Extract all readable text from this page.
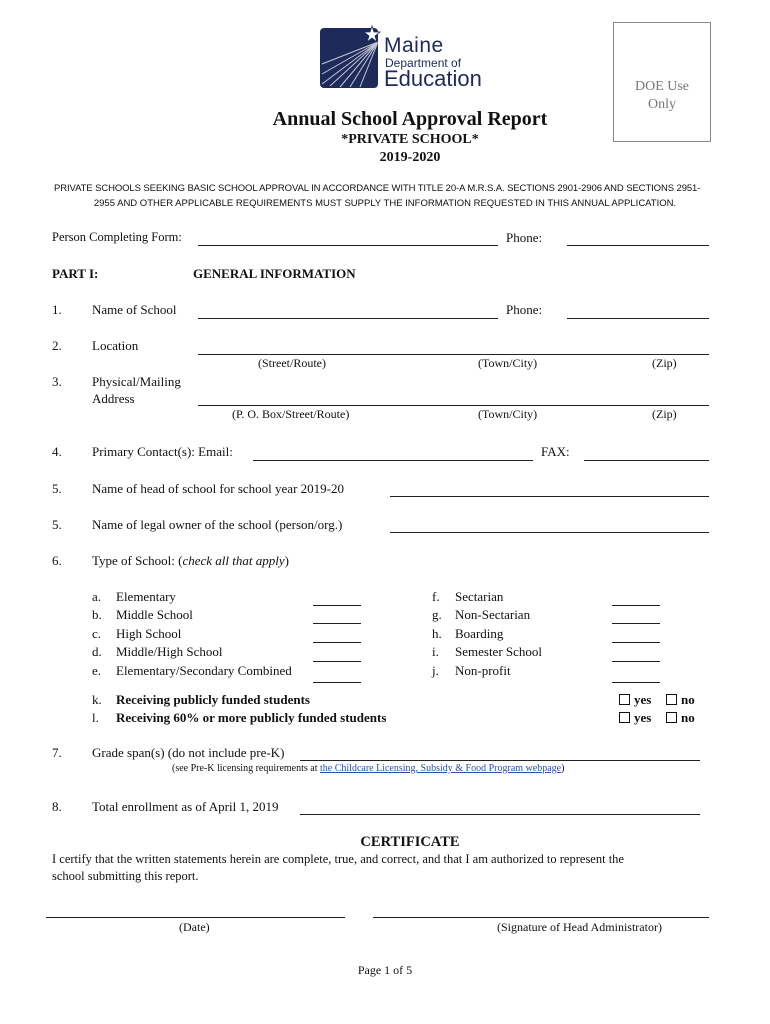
Maine
Department of
Education	DOE Use
Only
Annual School Approval Report
*PRIVATE SCHOOL*
2019-2020
PRIVATE SCHOOLS SEEKING BASIC SCHOOL APPROVAL IN ACCORDANCE WITH TITLE 20-A M.R.S.A. SECTIONS 2901-2906 AND SECTIONS 2951-
2955 AND OTHER APPLICABLE REQUIREMENTS MUST SUPPLY THE INFORMATION REQUESTED IN THIS ANNUAL APPLICATION.
Person Completing Form:	Phone:
PART I:	GENERAL INFORMATION
1. Name of School	Phone:
2. Location
(Street/Route)	(Town/City)	(Zip)
3. Physical/Mailing
Address
(P. O. Box/Street/Route)	(Town/City)	(Zip)
4. Primary Contact(s): Email:	FAX:
5. Name of head of school for school year 2019-20
5. Name of legal owner of the school (person/org.)
6. Type of School: (check all that apply)
a. Elementary
b. Middle School
c. High School
d. Middle/High School
e. Elementary/Secondary Combined
f. Sectarian
g. Non-Sectarian
h. Boarding
i. Semester School
j. Non-profit
k. Receiving publicly funded students	yes	no
l. Receiving 60% or more publicly funded students	yes	no
7. Grade span(s) (do not include pre-K)
(see Pre-K licensing requirements at the Childcare Licensing, Subsidy & Food Program webpage)
8. Total enrollment as of April 1, 2019
CERTIFICATE
I certify that the written statements herein are complete, true, and correct, and that I am authorized to represent the
school submitting this report.
(Date)	(Signature of Head Administrator)
Page 1 of 5
